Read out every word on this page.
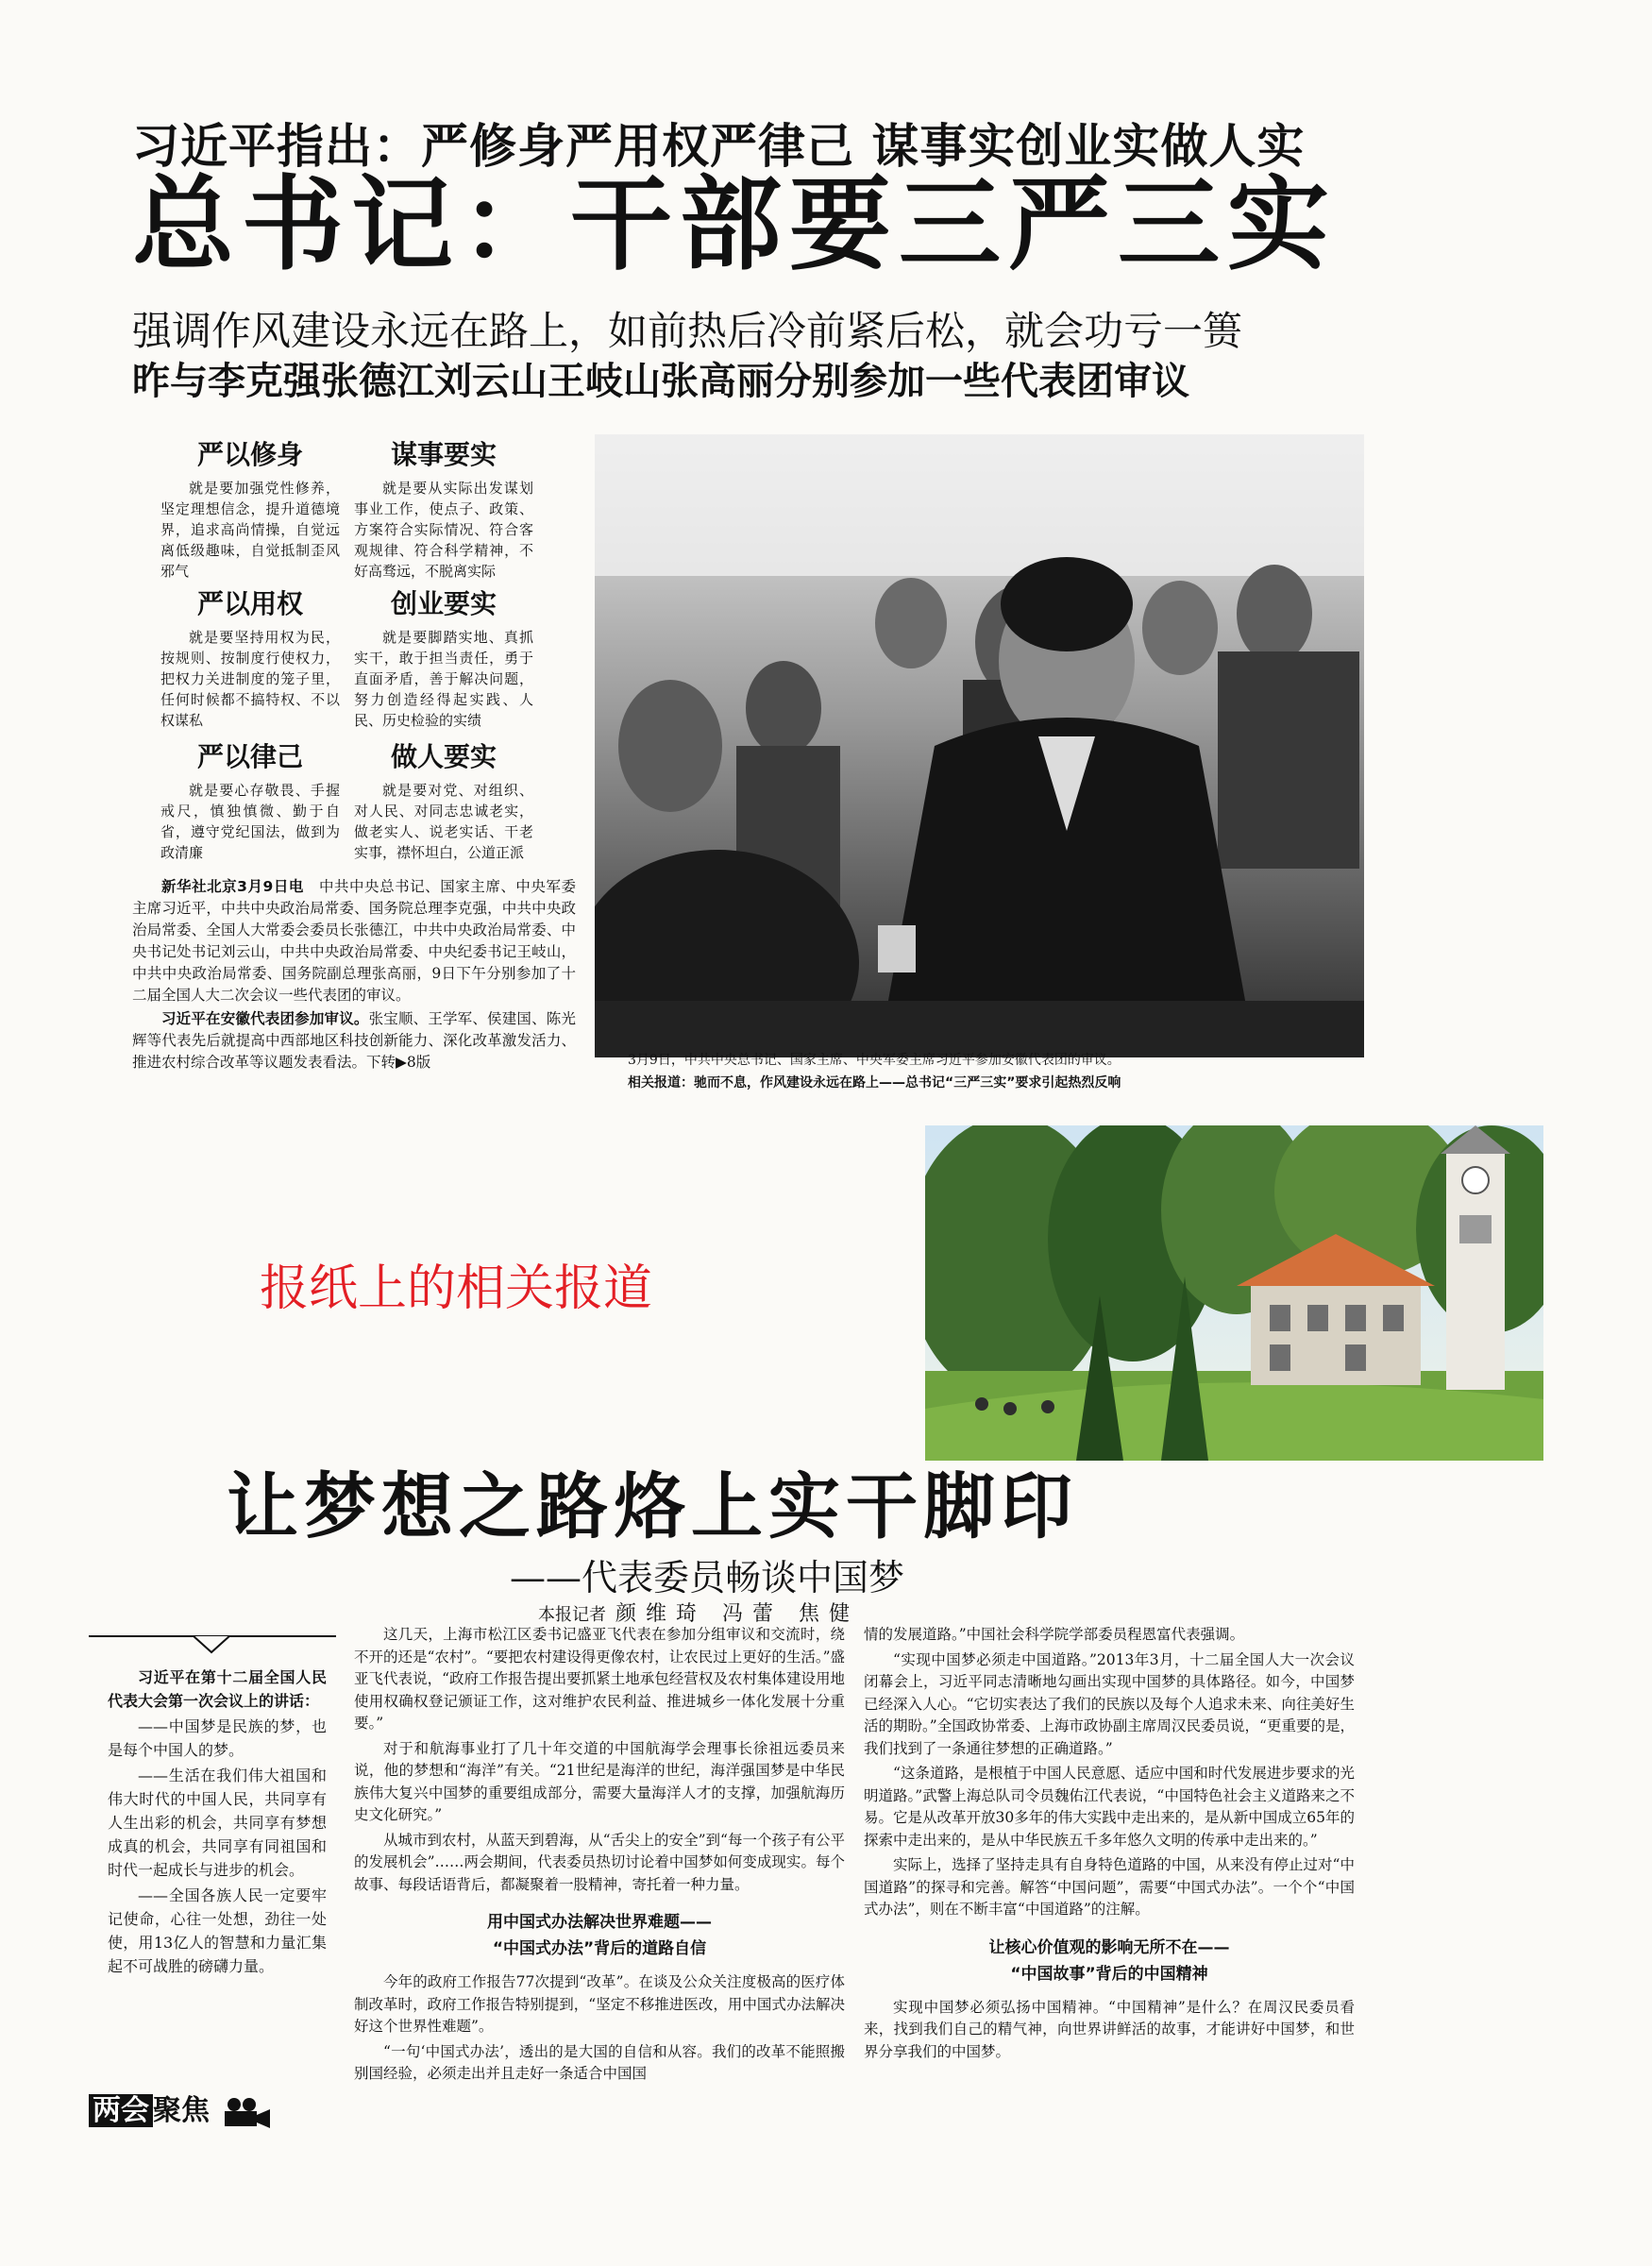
习近平指出：严修身严用权严律己 谋事实创业实做人实
总书记：干部要三严三实
强调作风建设永远在路上，如前热后冷前紧后松，就会功亏一篑
昨与李克强张德江刘云山王岐山张高丽分别参加一些代表团审议
严以修身

就是要加强党性修养，坚定理想信念，提升道德境界，追求高尚情操，自觉远离低级趣味，自觉抵制歪风邪气

谋事要实

就是要从实际出发谋划事业工作，使点子、政策、方案符合实际情况、符合客观规律、符合科学精神，不好高骛远，不脱离实际

严以用权

就是要坚持用权为民，按规则、按制度行使权力，把权力关进制度的笼子里，任何时候都不搞特权、不以权谋私

创业要实

就是要脚踏实地、真抓实干，敢于担当责任，勇于直面矛盾，善于解决问题，努力创造经得起实践、人民、历史检验的实绩

严以律己

就是要心存敬畏、手握戒尺，慎独慎微、勤于自省，遵守党纪国法，做到为政清廉

做人要实

就是要对党、对组织、对人民、对同志忠诚老实，做老实人、说老实话、干老实事，襟怀坦白，公道正派

新华社北京3月9日电　 中共中央总书记、国家主席、中央军委主席习近平，中共中央政治局常委、国务院总理李克强，中共中央政治局常委、全国人大常委会委员长张德江，中共中央政治局常委、中央书记处书记刘云山，中共中央政治局常委、中央纪委书记王岐山，中共中央政治局常委、国务院副总理张高丽，9日下午分别参加了十二届全国人大二次会议一些代表团的审议。

习近平在安徽代表团参加审议。张宝顺、王学军、侯建国、陈光辉等代表先后就提高中西部地区科技创新能力、深化改革激发活力、推进农村综合改革等议题发表看法。下转▶8版	3月9日，中共中央总书记、国家主席、中央军委主席习近平参加安徽代表团的审议。
相关报道：驰而不息，作风建设永远在路上——总书记“三严三实”要求引起热烈反响
报纸上的相关报道
让梦想之路烙上实干脚印
——代表委员畅谈中国梦
本报记者 颜维琦 冯蕾 焦健

习近平在第十二届全国人民代表大会第一次会议上的讲话：

——中国梦是民族的梦，也是每个中国人的梦。

——生活在我们伟大祖国和伟大时代的中国人民，共同享有人生出彩的机会，共同享有梦想成真的机会，共同享有同祖国和时代一起成长与进步的机会。

——全国各族人民一定要牢记使命，心往一处想，劲往一处使，用13亿人的智慧和力量汇集起不可战胜的磅礴力量。

两会 聚焦

这几天，上海市松江区委书记盛亚飞代表在参加分组审议和交流时，绕不开的还是“农村”。“要把农村建设得更像农村，让农民过上更好的生活。”盛亚飞代表说，“政府工作报告提出要抓紧土地承包经营权及农村集体建设用地使用权确权登记颁证工作，这对维护农民利益、推进城乡一体化发展十分重要。”

对于和航海事业打了几十年交道的中国航海学会理事长徐祖远委员来说，他的梦想和“海洋”有关。“21世纪是海洋的世纪，海洋强国梦是中华民族伟大复兴中国梦的重要组成部分，需要大量海洋人才的支撑，加强航海历史文化研究。”

从城市到农村，从蓝天到碧海，从“舌尖上的安全”到“每一个孩子有公平的发展机会”……两会期间，代表委员热切讨论着中国梦如何变成现实。每个故事、每段话语背后，都凝聚着一股精神，寄托着一种力量。

用中国式办法解决世界难题——
“中国式办法”背后的道路自信

今年的政府工作报告77次提到“改革”。在谈及公众关注度极高的医疗体制改革时，政府工作报告特别提到，“坚定不移推进医改，用中国式办法解决好这个世界性难题”。

“一句‘中国式办法’，透出的是大国的自信和从容。我们的改革不能照搬别国经验，必须走出并且走好一条适合中国国

情的发展道路。”中国社会科学院学部委员程恩富代表强调。

“实现中国梦必须走中国道路。”2013年3月，十二届全国人大一次会议闭幕会上，习近平同志清晰地勾画出实现中国梦的具体路径。如今，中国梦已经深入人心。“它切实表达了我们的民族以及每个人追求未来、向往美好生活的期盼。”全国政协常委、上海市政协副主席周汉民委员说，“更重要的是，我们找到了一条通往梦想的正确道路。”

“这条道路，是根植于中国人民意愿、适应中国和时代发展进步要求的光明道路。”武警上海总队司令员魏佑江代表说，“中国特色社会主义道路来之不易。它是从改革开放30多年的伟大实践中走出来的，是从新中国成立65年的探索中走出来的，是从中华民族五千多年悠久文明的传承中走出来的。”

实际上，选择了坚持走具有自身特色道路的中国，从来没有停止过对“中国道路”的探寻和完善。解答“中国问题”，需要“中国式办法”。一个个“中国式办法”，则在不断丰富“中国道路”的注解。

让核心价值观的影响无所不在——
“中国故事”背后的中国精神

实现中国梦必须弘扬中国精神。“中国精神”是什么？在周汉民委员看来，找到我们自己的精气神，向世界讲鲜活的故事，才能讲好中国梦，和世界分享我们的中国梦。
